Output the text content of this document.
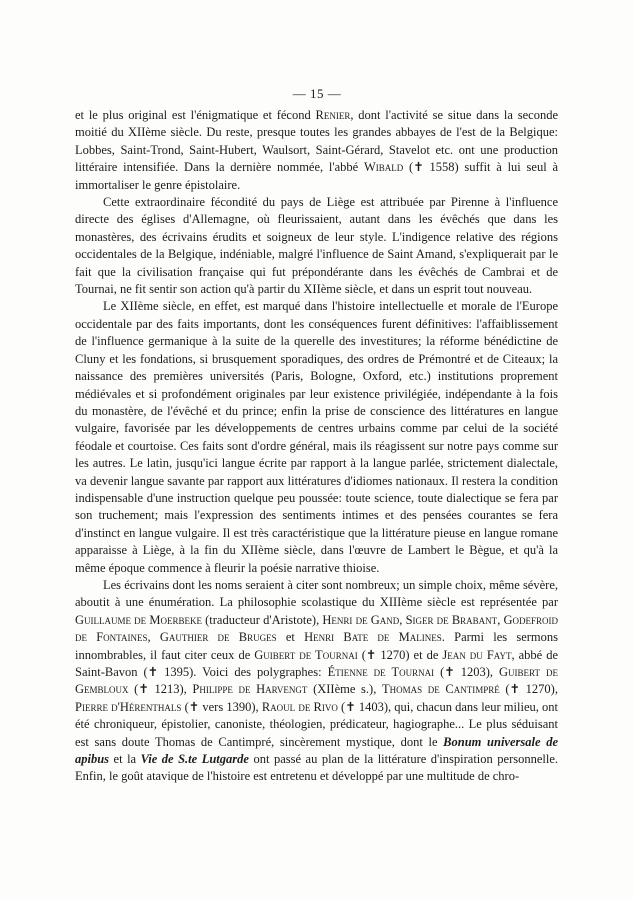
— 15 —

et le plus original est l'énigmatique et fécond Renier, dont l'activité se situe dans la seconde moitié du XIIème siècle. Du reste, presque toutes les grandes abbayes de l'est de la Belgique: Lobbes, Saint-Trond, Saint-Hubert, Waulsort, Saint-Gérard, Stavelot etc. ont une production littéraire intensifiée. Dans la dernière nommée, l'abbé Wibald (✝ 1558) suffit à lui seul à immortaliser le genre épistolaire.

Cette extraordinaire fécondité du pays de Liège est attribuée par Pirenne à l'influence directe des églises d'Allemagne, où fleurissaient, autant dans les évêchés que dans les monastères, des écrivains érudits et soigneux de leur style. L'indigence relative des régions occidentales de la Belgique, indéniable, malgré l'influence de Saint Amand, s'expliquerait par le fait que la civilisation française qui fut prépondérante dans les évêchés de Cambrai et de Tournai, ne fit sentir son action qu'à partir du XIIème siècle, et dans un esprit tout nouveau.

Le XIIème siècle, en effet, est marqué dans l'histoire intellectuelle et morale de l'Europe occidentale par des faits importants, dont les conséquences furent définitives: l'affaiblissement de l'influence germanique à la suite de la querelle des investitures; la réforme bénédictine de Cluny et les fondations, si brusquement sporadiques, des ordres de Prémontré et de Citeaux; la naissance des premières universités (Paris, Bologne, Oxford, etc.) institutions proprement médiévales et si profondément originales par leur existence privilégiée, indépendante à la fois du monastère, de l'évêché et du prince; enfin la prise de conscience des littératures en langue vulgaire, favorisée par les développements de centres urbains comme par celui de la société féodale et courtoise. Ces faits sont d'ordre général, mais ils réagissent sur notre pays comme sur les autres. Le latin, jusqu'ici langue écrite par rapport à la langue parlée, strictement dialectale, va devenir langue savante par rapport aux littératures d'idiomes nationaux. Il restera la condition indispensable d'une instruction quelque peu poussée: toute science, toute dialectique se fera par son truchement; mais l'expression des sentiments intimes et des pensées courantes se fera d'instinct en langue vulgaire. Il est très caractéristique que la littérature pieuse en langue romane apparaisse à Liège, à la fin du XIIème siècle, dans l'œuvre de Lambert le Bègue, et qu'à la même époque commence à fleurir la poésie narrative thioise.

Les écrivains dont les noms seraient à citer sont nombreux; un simple choix, même sévère, aboutit à une énumération. La philosophie scolastique du XIIIème siècle est représentée par Guillaume de Moerbeke (traducteur d'Aristote), Henri de Gand, Siger de Brabant, Godefroid de Fontaines, Gauthier de Bruges et Henri Bate de Malines. Parmi les sermons innombrables, il faut citer ceux de Guibert de Tournai (✝ 1270) et de Jean du Fayt, abbé de Saint-Bavon (✝ 1395). Voici des polygraphes: Étienne de Tournai (✝ 1203), Guibert de Gembloux (✝ 1213), Philippe de Harvengt (XIIème s.), Thomas de Cantimpré (✝ 1270), Pierre d'Hérenthals (✝ vers 1390), Raoul de Rivo (✝ 1403), qui, chacun dans leur milieu, ont été chroniqueur, épistolier, canoniste, théologien, prédicateur, hagiographe... Le plus séduisant est sans doute Thomas de Cantimpré, sincèrement mystique, dont le Bonum universale de apibus et la Vie de S.te Lutgarde ont passé au plan de la littérature d'inspiration personnelle. Enfin, le goût atavique de l'histoire est entretenu et développé par une multitude de chro-
